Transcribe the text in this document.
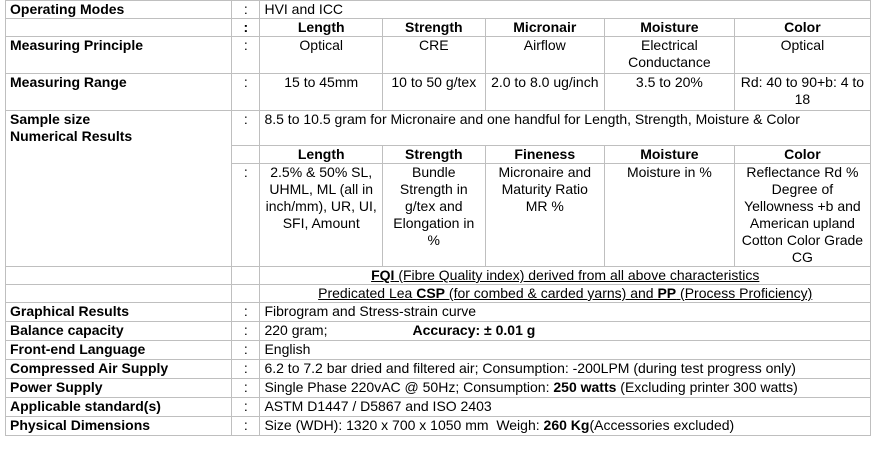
Operating Modes	:	HVI and ICC				
	:	Length	Strength	Micronair	Moisture	Color
Measuring Principle	:	Optical	CRE	Airflow	Electrical Conductance	Optical
Measuring Range	:	15 to 45mm	10 to 50 g/tex	2.0 to 8.0 ug/inch	3.5 to 20%	Rd: 40 to 90+b: 4 to 18

Sample size
Numerical Results	:	8.5 to 10.5 gram for Micronaire and one handful for Length, Strength, Moisture & Color				
		Length	Strength	Fineness	Moisture	Color
	:	2.5% & 50% SL, UHML, ML (all in inch/mm), UR, UI, SFI, Amount	Bundle Strength in g/tex and Elongation in %	Micronaire and Maturity Ratio MR %	Moisture in %	Reflectance Rd % Degree of Yellowness +b and American upland Cotton Color Grade CG
		FQI (Fibre Quality index) derived from all above characteristics				
		Predicated Lea CSP (for combed & carded yarns) and PP (Process Proficiency)				
Graphical Results	:	Fibrogram and Stress-strain curve				
Balance capacity	:	220 gram; Accuracy: ± 0.01 g				
Front-end Language	:	English				
Compressed Air Supply	:	6.2 to 7.2 bar dried and filtered air; Consumption: -200LPM (during test progress only)				
Power Supply	:	Single Phase 220vAC @ 50Hz; Consumption: 250 watts (Excluding printer 300 watts)				
Applicable standard(s)	:	ASTM D1447 / D5867 and ISO 2403				
Physical Dimensions	:	Size (WDH): 1320 x 700 x 1050 mm  Weigh: 260 Kg(Accessories excluded)				
